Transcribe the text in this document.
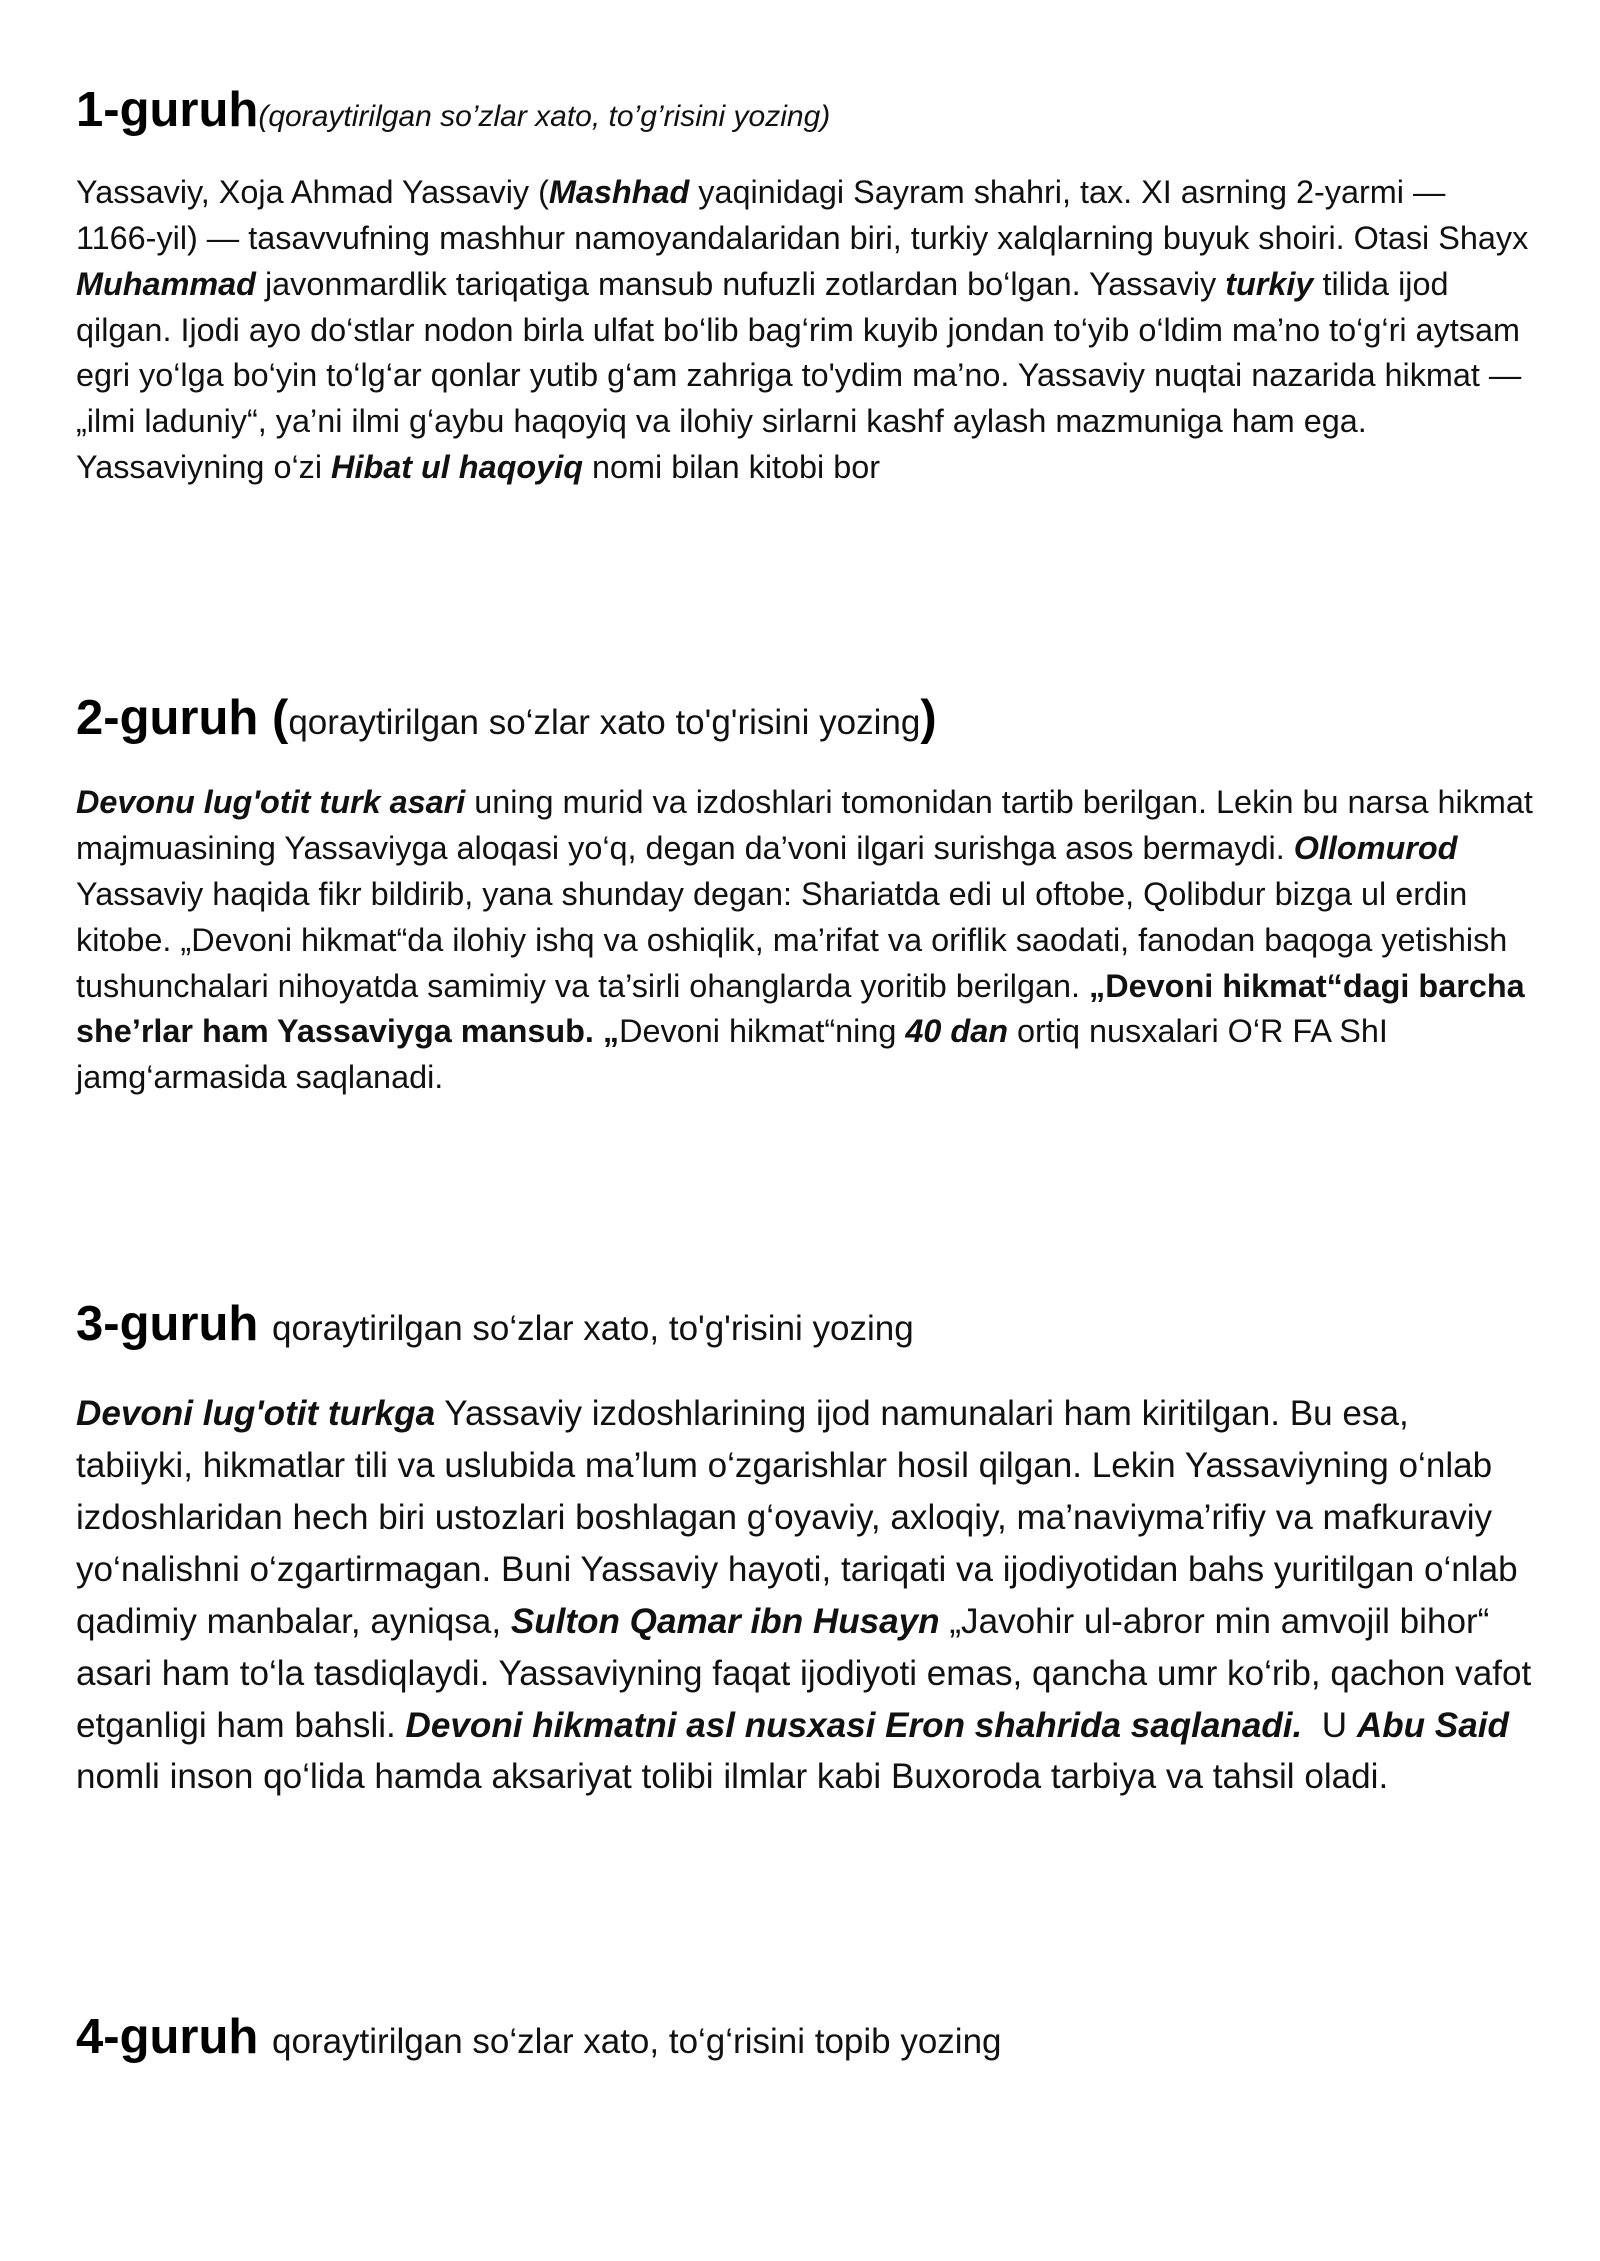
1-guruh(qoraytirilgan so’zlar xato, to’g’risini yozing)
Yassaviy, Xoja Ahmad Yassaviy (Mashhad yaqinidagi Sayram shahri, tax. XI asrning 2-yarmi —
1166-yil) — tasavvufning mashhur namoyandalaridan biri, turkiy xalqlarning buyuk shoiri. Otasi Shayx
Muhammad javonmardlik tariqatiga mansub nufuzli zotlardan bo‘lgan. Yassaviy turkiy tilida ijod
qilgan. Ijodi ayo do‘stlar nodon birla ulfat bo‘lib bag‘rim kuyib jondan to‘yib o‘ldim ma’no to‘g‘ri aytsam
egri yo‘lga bo‘yin to‘lg‘ar qonlar yutib g‘am zahriga to'ydim ma’no. Yassaviy nuqtai nazarida hikmat —
„ilmi laduniy“, ya’ni ilmi g‘aybu haqoyiq va ilohiy sirlarni kashf aylash mazmuniga ham ega.
Yassaviyning o‘zi Hibat ul haqoyiq nomi bilan kitobi bor
2-guruh (qoraytirilgan so‘zlar xato to'g'risini yozing)
Devonu lug'otit turk asari uning murid va izdoshlari tomonidan tartib berilgan. Lekin bu narsa hikmat
majmuasining Yassaviyga aloqasi yo‘q, degan da’voni ilgari surishga asos bermaydi. Ollomurod
Yassaviy haqida fikr bildirib, yana shunday degan: Shariatda edi ul oftobe, Qolibdur bizga ul erdin
kitobe. „Devoni hikmat“da ilohiy ishq va oshiqlik, ma’rifat va oriflik saodati, fanodan baqoga yetishish
tushunchalari nihoyatda samimiy va ta’sirli ohanglarda yoritib berilgan. „Devoni hikmat“dagi barcha
she’rlar ham Yassaviyga mansub. „Devoni hikmat“ning 40 dan ortiq nusxalari O‘R FA ShI
jamg‘armasida saqlanadi.
3-guruh qoraytirilgan so‘zlar xato, to'g'risini yozing
Devoni lug'otit turkga Yassaviy izdoshlarining ijod namunalari ham kiritilgan. Bu esa,
tabiiyki, hikmatlar tili va uslubida ma’lum o‘zgarishlar hosil qilgan. Lekin Yassaviyning o‘nlab
izdoshlaridan hech biri ustozlari boshlagan g‘oyaviy, axloqiy, ma’naviyma’rifiy va mafkuraviy
yo‘nalishni o‘zgartirmagan. Buni Yassaviy hayoti, tariqati va ijodiyotidan bahs yuritilgan o‘nlab
qadimiy manbalar, ayniqsa, Sulton Qamar ibn Husayn „Javohir ul-abror min amvojil bihor“
asari ham to‘la tasdiqlaydi. Yassaviyning faqat ijodiyoti emas, qancha umr ko‘rib, qachon vafot
etganligi ham bahsli. Devoni hikmatni asl nusxasi Eron shahrida saqlanadi.  U Abu Said
nomli inson qo‘lida hamda aksariyat tolibi ilmlar kabi Buxoroda tarbiya va tahsil oladi.
4-guruh qoraytirilgan so‘zlar xato, to‘g‘risini topib yozing
